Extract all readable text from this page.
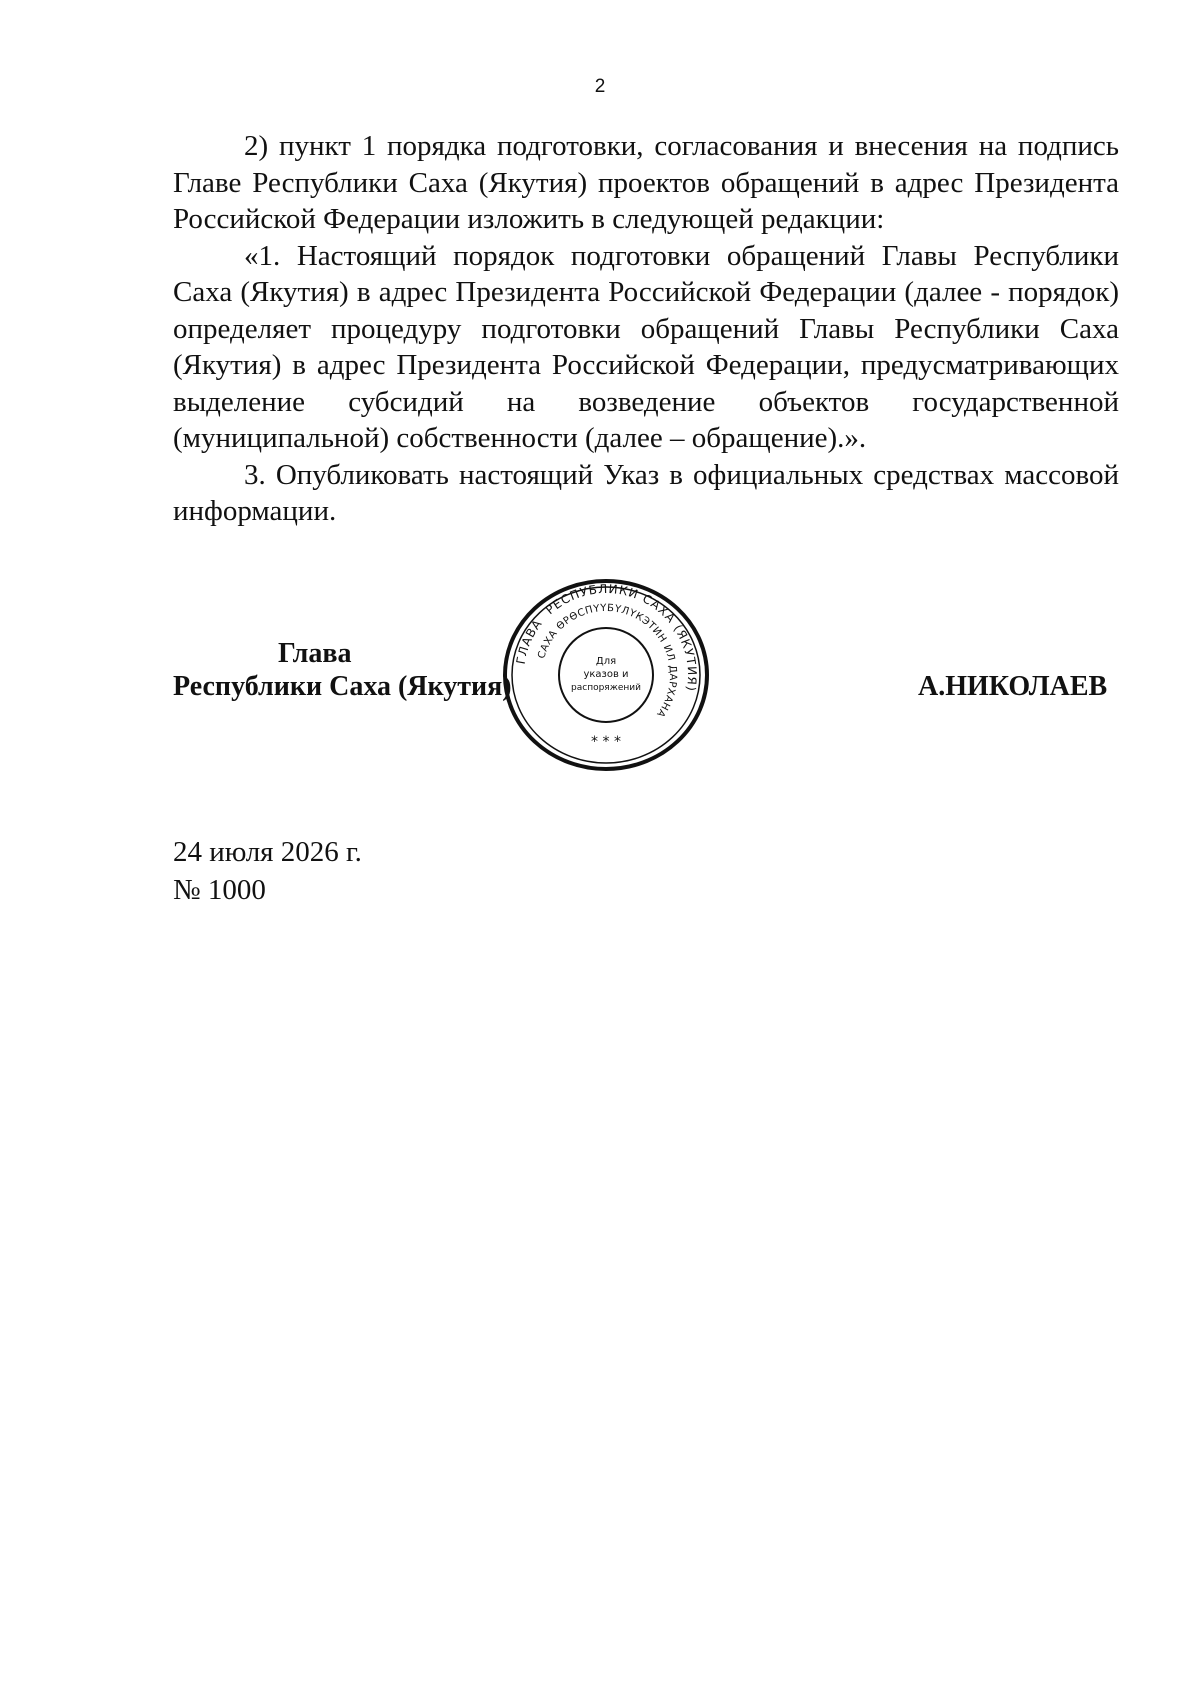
2

2) пункт 1 порядка подготовки, согласования и внесения на подпись Главе Республики Саха (Якутия) проектов обращений в адрес Президента Российской Федерации изложить в следующей редакции:

«1. Настоящий порядок подготовки обращений Главы Республики Саха (Якутия) в адрес Президента Российской Федерации (далее - порядок) определяет процедуру подготовки обращений Главы Республики Саха (Якутия) в адрес Президента Российской Федерации, предусматривающих выделение субсидий на возведение объектов государственной (муниципальной) собственности (далее – обращение).».

3. Опубликовать настоящий Указ в официальных средствах массовой информации.

Глава
Республики Саха (Якутия)	А.НИКОЛАЕВ
ГЛАВА РЕСПУБЛИКИ САХА (ЯКУТИЯ)
САХА ӨРӨСПҮҮБҮЛҮКЭТИН ИЛ ДАРХАНА
Для
указов и
распоряжений
* * *
24 июля 2026 г.
№ 1000
